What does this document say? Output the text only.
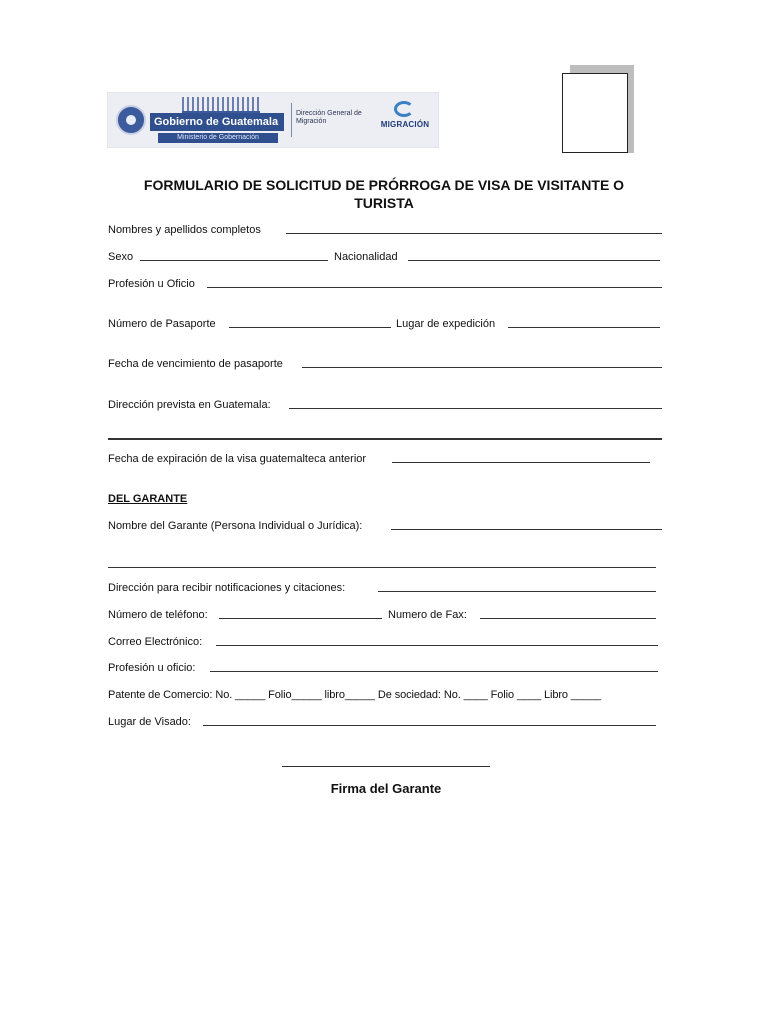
Gobierno de Guatemala
Ministerio de Gobernación
Dirección General de Migración	MIGRACIÓN
FORMULARIO DE SOLICITUD DE PRÓRROGA DE VISA DE VISITANTE O
TURISTA
Nombres y apellidos completos
Sexo	Nacionalidad
Profesión u Oficio
Número de Pasaporte	Lugar de expedición
Fecha de vencimiento de pasaporte
Dirección prevista en Guatemala:
Fecha de expiración de la visa guatemalteca anterior
DEL GARANTE
Nombre del Garante (Persona Individual o Jurídica):
Dirección para recibir notificaciones y citaciones:
Número de teléfono:	Numero de Fax:
Correo Electrónico:
Profesión u oficio:
Patente de Comercio: No. _____ Folio_____ libro_____ De sociedad: No. ____ Folio ____ Libro _____
Lugar de Visado:
Firma del Garante
